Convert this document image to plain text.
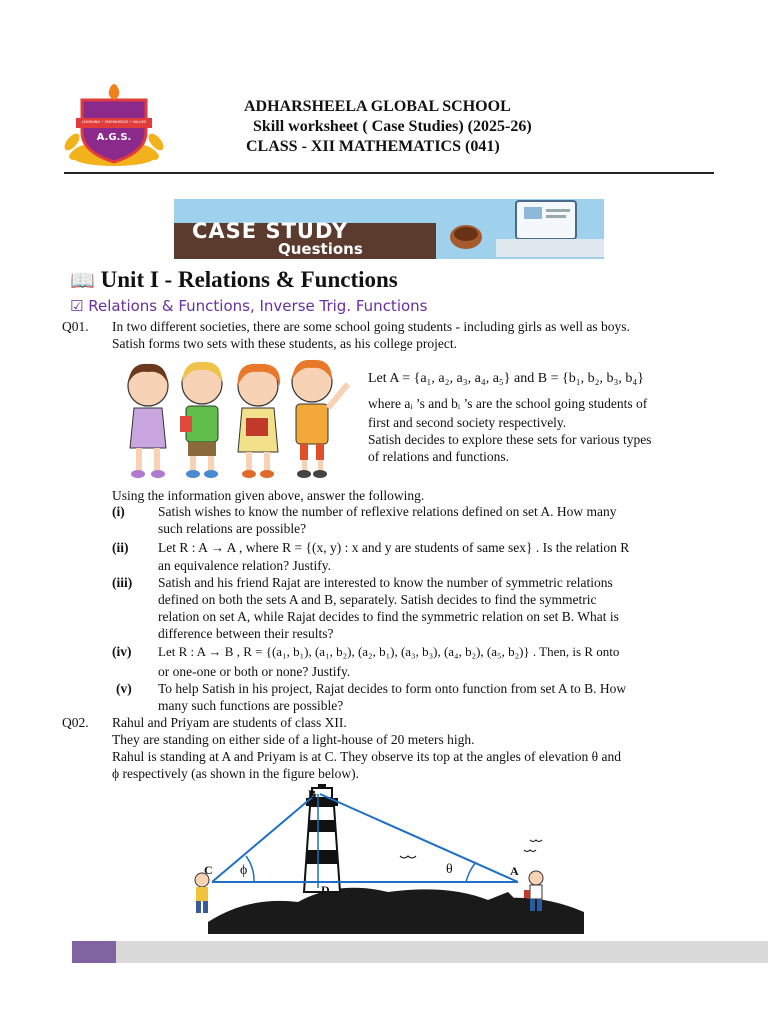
LEARNING • KNOWLEDGE • VALUES
A.G.S.
ADHARSHEELA GLOBAL SCHOOL
Skill worksheet ( Case Studies) (2025-26)
CLASS - XII MATHEMATICS (041)
CASE STUDY
Questions
📖 Unit I - Relations & Functions
☑ Relations & Functions, Inverse Trig. Functions
Q01. In two different societies, there are some school going students - including girls as well as boys.
Satish forms two sets with these students, as his college project.
Let A = {a₁, a₂, a₃, a₄, a₅} and B = {b₁, b₂, b₃, b₄}
where aᵢ ’s and bᵢ ’s are the school going students of
first and second society respectively.
Satish decides to explore these sets for various types
of relations and functions.
Using the information given above, answer the following.
(i) Satish wishes to know the number of reflexive relations defined on set A. How many
such relations are possible?
(ii) Let R : A → A , where R = {(x, y) : x and y are students of same sex} . Is the relation R
an equivalence relation? Justify.
(iii) Satish and his friend Rajat are interested to know the number of symmetric relations
defined on both the sets A and B, separately. Satish decides to find the symmetric
relation on set A, while Rajat decides to find the symmetric relation on set B. What is
difference between their results?
(iv) Let R : A → B , R = {(a₁, b₁), (a₁, b₂), (a₂, b₁), (a₃, b₃), (a₄, b₂), (a₅, b₂)} . Then, is R onto
or one-one or both or none? Justify.
(v) To help Satish in his project, Rajat decides to form onto function from set A to B. How
many such functions are possible?
Q02. Rahul and Priyam are students of class XII.
They are standing on either side of a light-house of 20 meters high.
Rahul is standing at A and Priyam is at C. They observe its top at the angles of elevation θ and
ϕ respectively (as shown in the figure below).
B
C	A
D
ϕ	θ
